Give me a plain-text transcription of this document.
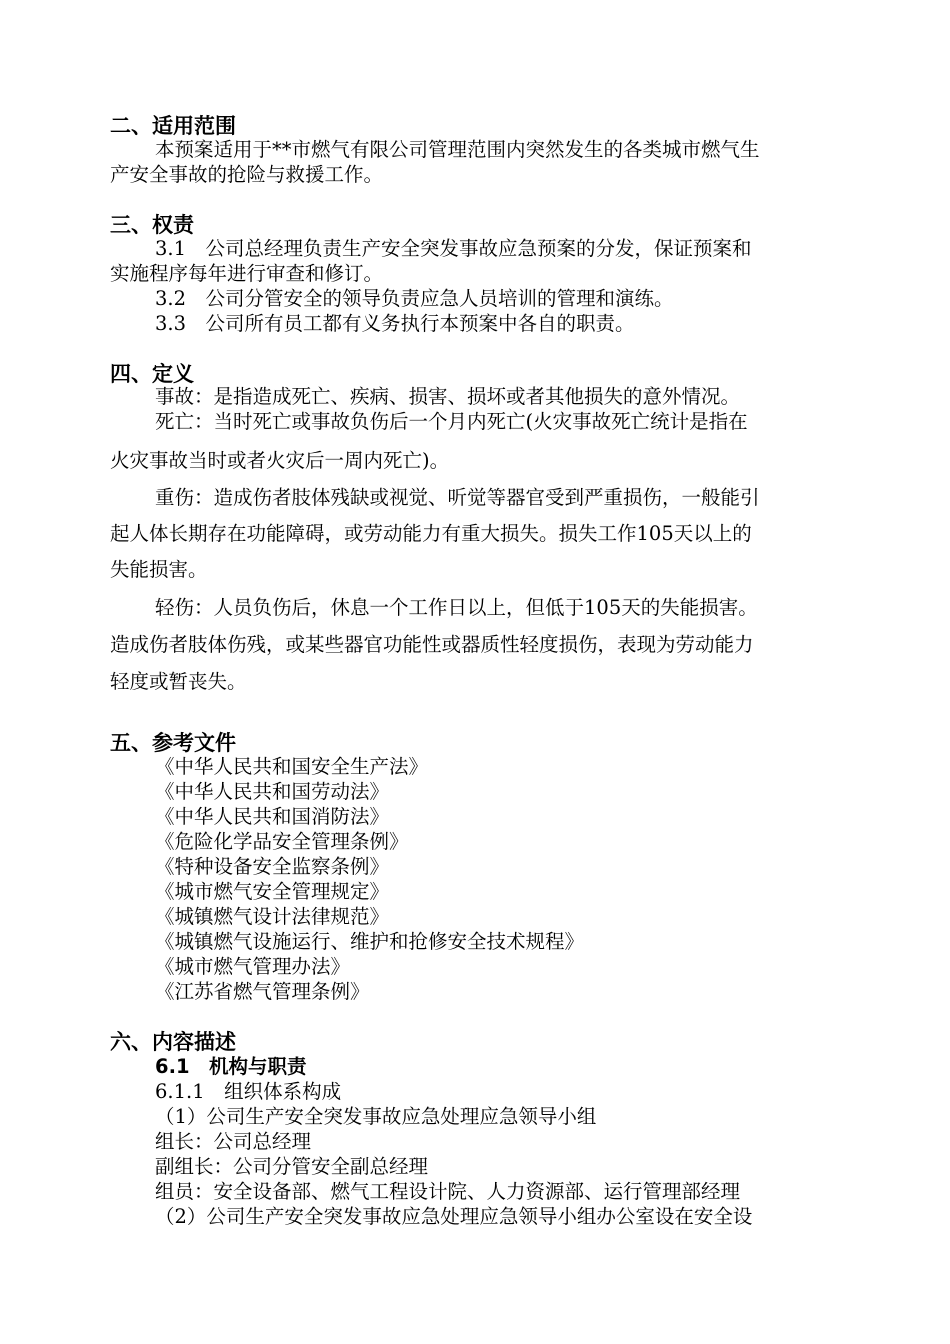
二、适用范围
本预案适用于**市燃气有限公司管理范围内突然发生的各类城市燃气生
产安全事故的抢险与救援工作。
三、权责
3.1　公司总经理负责生产安全突发事故应急预案的分发，保证预案和
实施程序每年进行审查和修订。
3.2　公司分管安全的领导负责应急人员培训的管理和演练。
3.3　公司所有员工都有义务执行本预案中各自的职责。
四、定义
事故：是指造成死亡、疾病、损害、损坏或者其他损失的意外情况。
死亡：当时死亡或事故负伤后一个月内死亡(火灾事故死亡统计是指在
火灾事故当时或者火灾后一周内死亡)。
重伤：造成伤者肢体残缺或视觉、听觉等器官受到严重损伤，一般能引
起人体长期存在功能障碍，或劳动能力有重大损失。损失工作105天以上的
失能损害。
轻伤：人员负伤后，休息一个工作日以上，但低于105天的失能损害。
造成伤者肢体伤残，或某些器官功能性或器质性轻度损伤，表现为劳动能力
轻度或暂丧失。
五、参考文件
《中华人民共和国安全生产法》
《中华人民共和国劳动法》
《中华人民共和国消防法》
《危险化学品安全管理条例》
《特种设备安全监察条例》
《城市燃气安全管理规定》
《城镇燃气设计法律规范》
《城镇燃气设施运行、维护和抢修安全技术规程》
《城市燃气管理办法》
《江苏省燃气管理条例》
六、内容描述
6.1　机构与职责
6.1.1　组织体系构成
（1）公司生产安全突发事故应急处理应急领导小组
组长：公司总经理
副组长：公司分管安全副总经理
组员：安全设备部、燃气工程设计院、人力资源部、运行管理部经理
（2）公司生产安全突发事故应急处理应急领导小组办公室设在安全设
